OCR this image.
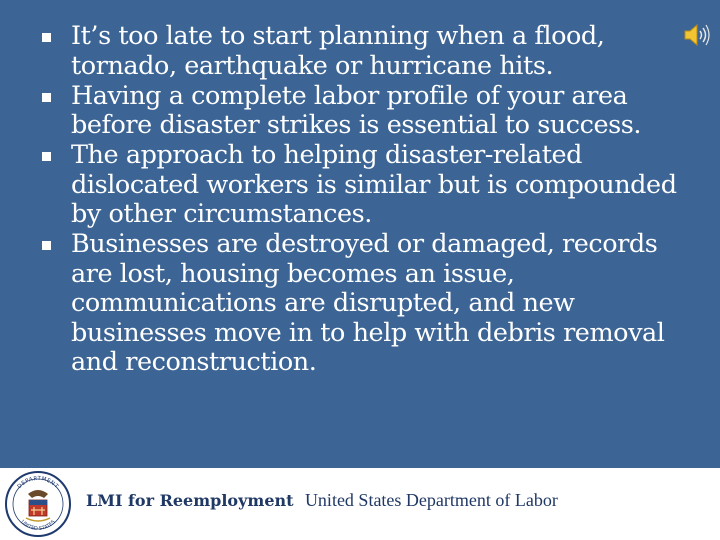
It’s too late to start planning when a flood, tornado, earthquake or hurricane hits.
Having a complete labor profile of your area before disaster strikes is essential to success.
The approach to helping disaster-related dislocated workers is similar but is compounded by other circumstances.
Businesses are destroyed or damaged, records are lost, housing becomes an issue, communications are disrupted, and new businesses move in to help with debris removal and reconstruction.
DEPARTMENT
UNITED STATES
LMI for Reemployment United States Department of Labor
